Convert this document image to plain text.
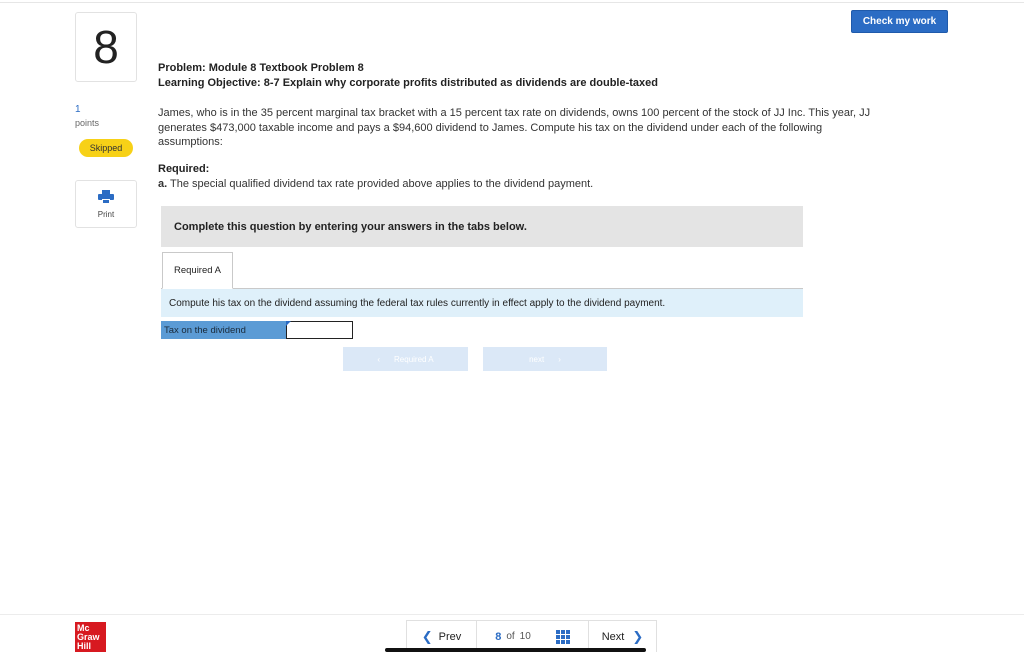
Check my work
8
1
points
Skipped
Print
Problem: Module 8 Textbook Problem 8
Learning Objective: 8-7 Explain why corporate profits distributed as dividends are double-taxed
James, who is in the 35 percent marginal tax bracket with a 15 percent tax rate on dividends, owns 100 percent of the stock of JJ Inc. This year, JJ generates $473,000 taxable income and pays a $94,600 dividend to James. Compute his tax on the dividend under each of the following assumptions:
Required:
a. The special qualified dividend tax rate provided above applies to the dividend payment.
Complete this question by entering your answers in the tabs below.
Required A
Compute his tax on the dividend assuming the federal tax rules currently in effect apply to the dividend payment.
Tax on the dividend
‹ Required A	next ›
Mc
Graw
Hill
❮ Prev	8 of 10	Next ❯
